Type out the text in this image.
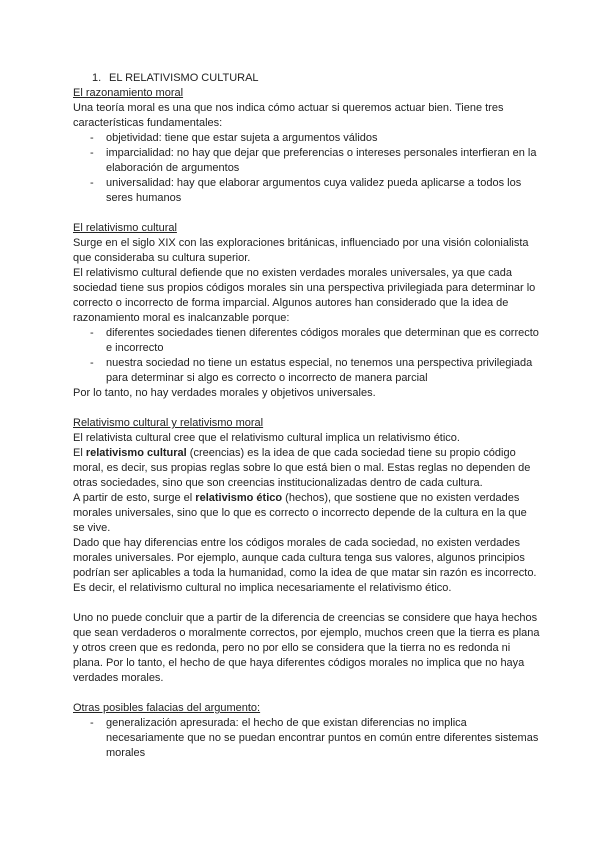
1. EL RELATIVISMO CULTURAL

El razonamiento moral

Una teoría moral es una que nos indica cómo actuar si queremos actuar bien. Tiene tres características fundamentales:

- objetividad: tiene que estar sujeta a argumentos válidos
- imparcialidad: no hay que dejar que preferencias o intereses personales interfieran en la elaboración de argumentos
- universalidad: hay que elaborar argumentos cuya validez pueda aplicarse a todos los seres humanos

El relativismo cultural

Surge en el siglo XIX con las exploraciones británicas, influenciado por una visión colonialista que consideraba su cultura superior.

El relativismo cultural defiende que no existen verdades morales universales, ya que cada sociedad tiene sus propios códigos morales sin una perspectiva privilegiada para determinar lo correcto o incorrecto de forma imparcial. Algunos autores han considerado que la idea de razonamiento moral es inalcanzable porque:

- diferentes sociedades tienen diferentes códigos morales que determinan que es correcto e incorrecto
- nuestra sociedad no tiene un estatus especial, no tenemos una perspectiva privilegiada para determinar si algo es correcto o incorrecto de manera parcial

Por lo tanto, no hay verdades morales y objetivos universales.

Relativismo cultural y relativismo moral

El relativista cultural cree que el relativismo cultural implica un relativismo ético.

El relativismo cultural (creencias) es la idea de que cada sociedad tiene su propio código moral, es decir, sus propias reglas sobre lo que está bien o mal. Estas reglas no dependen de otras sociedades, sino que son creencias institucionalizadas dentro de cada cultura.

A partir de esto, surge el relativismo ético (hechos), que sostiene que no existen verdades morales universales, sino que lo que es correcto o incorrecto depende de la cultura en la que se vive.

Dado que hay diferencias entre los códigos morales de cada sociedad, no existen verdades morales universales. Por ejemplo, aunque cada cultura tenga sus valores, algunos principios podrían ser aplicables a toda la humanidad, como la idea de que matar sin razón es incorrecto. Es decir, el relativismo cultural no implica necesariamente el relativismo ético.

Uno no puede concluir que a partir de la diferencia de creencias se considere que haya hechos que sean verdaderos o moralmente correctos, por ejemplo, muchos creen que la tierra es plana y otros creen que es redonda, pero no por ello se considera que la tierra no es redonda ni plana. Por lo tanto, el hecho de que haya diferentes códigos morales no implica que no haya verdades morales.

Otras posibles falacias del argumento:

- generalización apresurada: el hecho de que existan diferencias no implica necesariamente que no se puedan encontrar puntos en común entre diferentes sistemas morales
